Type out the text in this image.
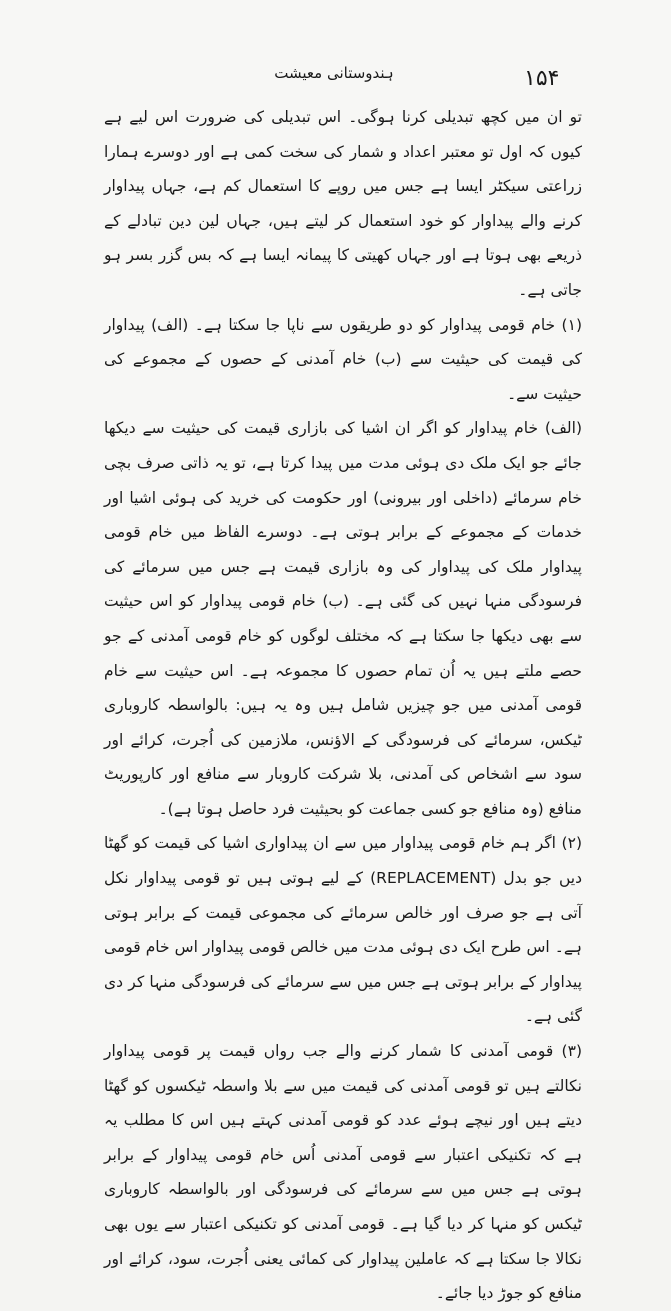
۱۵۴
ہندوستانی معیشت

تو ان میں کچھ تبدیلی کرنا ہوگی۔ اس تبدیلی کی ضرورت اس لیے ہے کیوں کہ اول تو معتبر اعداد و شمار کی سخت کمی ہے اور دوسرے ہمارا زراعتی سیکٹر ایسا ہے جس میں روپے کا استعمال کم ہے، جہاں پیداوار کرنے والے پیداوار کو خود استعمال کر لیتے ہیں، جہاں لین دین تبادلے کے ذریعے بھی ہوتا ہے اور جہاں کھیتی کا پیمانہ ایسا ہے کہ بس گزر بسر ہو جاتی ہے۔

(۱) خام قومی پیداوار کو دو طریقوں سے ناپا جا سکتا ہے۔ (الف) پیداوار کی قیمت کی حیثیت سے (ب) خام آمدنی کے حصوں کے مجموعے کی حیثیت سے۔

(الف) خام پیداوار کو اگر ان اشیا کی بازاری قیمت کی حیثیت سے دیکھا جائے جو ایک ملک دی ہوئی مدت میں پیدا کرتا ہے، تو یہ ذاتی صرف بچی خام سرمائے (داخلی اور بیرونی) اور حکومت کی خرید کی ہوئی اشیا اور خدمات کے مجموعے کے برابر ہوتی ہے۔ دوسرے الفاظ میں خام قومی پیداوار ملک کی پیداوار کی وہ بازاری قیمت ہے جس میں سرمائے کی فرسودگی منہا نہیں کی گئی ہے۔ (ب) خام قومی پیداوار کو اس حیثیت سے بھی دیکھا جا سکتا ہے کہ مختلف لوگوں کو خام قومی آمدنی کے جو حصے ملتے ہیں یہ اُن تمام حصوں کا مجموعہ ہے۔ اس حیثیت سے خام قومی آمدنی میں جو چیزیں شامل ہیں وہ یہ ہیں: بالواسطہ کاروباری ٹیکس، سرمائے کی فرسودگی کے الاؤنس، ملازمین کی اُجرت، کرائے اور سود سے اشخاص کی آمدنی، بلا شرکت کاروبار سے منافع اور کارپوریٹ منافع (وہ منافع جو کسی جماعت کو بحیثیت فرد حاصل ہوتا ہے)۔

(۲) اگر ہم خام قومی پیداوار میں سے ان پیداواری اشیا کی قیمت کو گھٹا دیں جو بدل (REPLACEMENT) کے لیے ہوتی ہیں تو قومی پیداوار نکل آتی ہے جو صرف اور خالص سرمائے کی مجموعی قیمت کے برابر ہوتی ہے۔ اس طرح ایک دی ہوئی مدت میں خالص قومی پیداوار اس خام قومی پیداوار کے برابر ہوتی ہے جس میں سے سرمائے کی فرسودگی منہا کر دی گئی ہے۔

(۳) قومی آمدنی کا شمار کرنے والے جب رواں قیمت پر قومی پیداوار نکالتے ہیں تو قومی آمدنی کی قیمت میں سے بلا واسطہ ٹیکسوں کو گھٹا دیتے ہیں اور نیچے ہوئے عدد کو قومی آمدنی کہتے ہیں اس کا مطلب یہ ہے کہ تکنیکی اعتبار سے قومی آمدنی اُس خام قومی پیداوار کے برابر ہوتی ہے جس میں سے سرمائے کی فرسودگی اور بالواسطہ کاروباری ٹیکس کو منہا کر دیا گیا ہے۔ قومی آمدنی کو تکنیکی اعتبار سے یوں بھی نکالا جا سکتا ہے کہ عاملین پیداوار کی کمائی یعنی اُجرت، سود، کرائے اور منافع کو جوڑ دیا جائے۔
